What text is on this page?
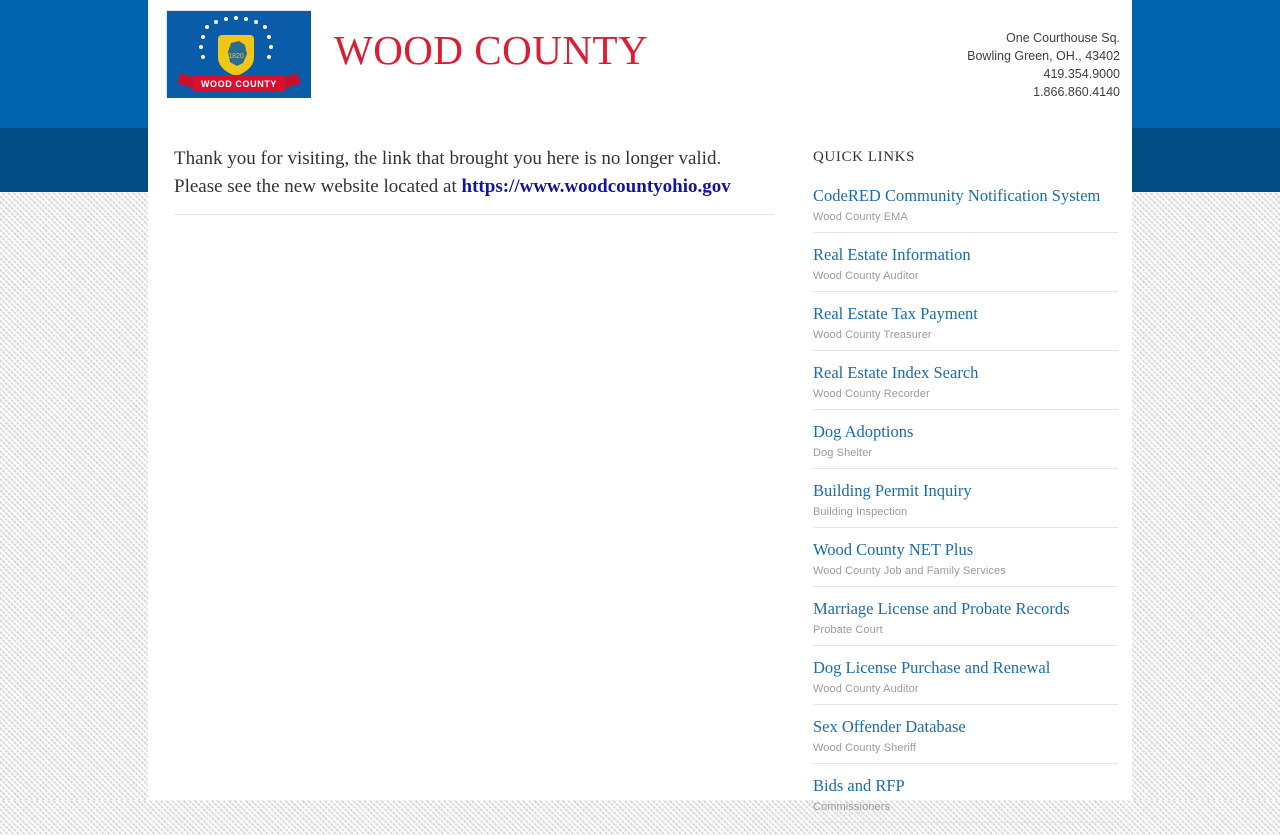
1820
WOOD COUNTY
WOOD COUNTY	One Courthouse Sq.
Bowling Green, OH., 43402
419.354.9000
1.866.860.4140

Thank you for visiting, the link that brought you here is no longer valid.
Please see the new website located at https://www.woodcountyohio.gov

QUICK LINKS
CodeRED Community Notification System
Wood County EMA
Real Estate Information
Wood County Auditor
Real Estate Tax Payment
Wood County Treasurer
Real Estate Index Search
Wood County Recorder
Dog Adoptions
Dog Shelter
Building Permit Inquiry
Building Inspection
Wood County NET Plus
Wood County Job and Family Services
Marriage License and Probate Records
Probate Court
Dog License Purchase and Renewal
Wood County Auditor
Sex Offender Database
Wood County Sheriff
Bids and RFP
Commissioners
